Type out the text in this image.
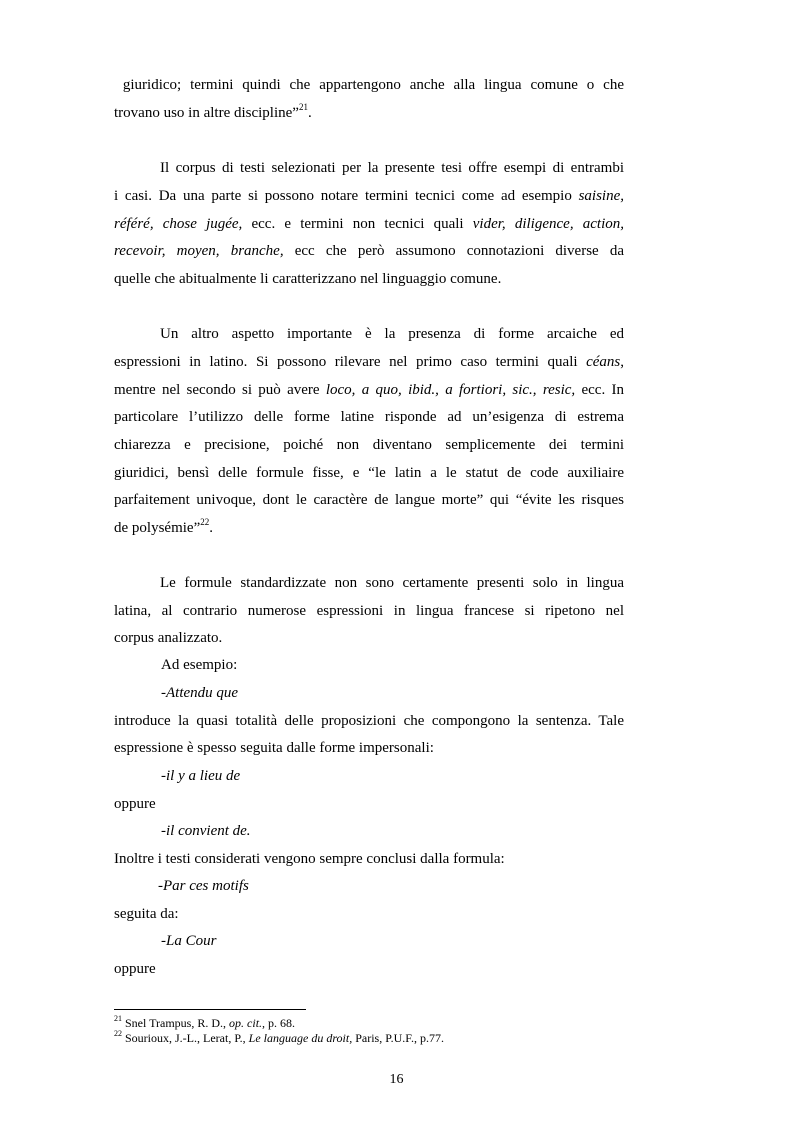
giuridico; termini quindi che appartengono anche alla lingua comune o che
trovano uso in altre discipline”$^{21}$.
Il corpus di testi selezionati per la presente tesi offre esempi di entrambi
i casi. Da una parte si possono notare termini tecnici come ad esempio saisine,
référé, chose jugée, ecc. e termini non tecnici quali vider, diligence, action,
recevoir, moyen, branche, ecc che però assumono connotazioni diverse da
quelle che abitualmente li caratterizzano nel linguaggio comune.
Un altro aspetto importante è la presenza di forme arcaiche ed
espressioni in latino. Si possono rilevare nel primo caso termini quali céans,
mentre nel secondo si può avere loco, a quo, ibid., a fortiori, sic., resic, ecc. In
particolare l’utilizzo delle forme latine risponde ad un’esigenza di estrema
chiarezza e precisione, poiché non diventano semplicemente dei termini
giuridici, bensì delle formule fisse, e “le latin a le statut de code auxiliaire
parfaitement univoque, dont le caractère de langue morte” qui “évite les risques
de polysémie”$^{22}$.
Le formule standardizzate non sono certamente presenti solo in lingua
latina, al contrario numerose espressioni in lingua francese si ripetono nel
corpus analizzato.
Ad esempio:
-Attendu que
introduce la quasi totalità delle proposizioni che compongono la sentenza. Tale
espressione è spesso seguita dalle forme impersonali:
-il y a lieu de
oppure
-il convient de.
Inoltre i testi considerati vengono sempre conclusi dalla formula:
-Par ces motifs
seguita da:
-La Cour
oppure
$^{21}$ Snel Trampus, R. D., op. cit., p. 68.
$^{22}$ Sourioux, J.-L., Lerat, P., Le language du droit, Paris, P.U.F., p.77.
16
